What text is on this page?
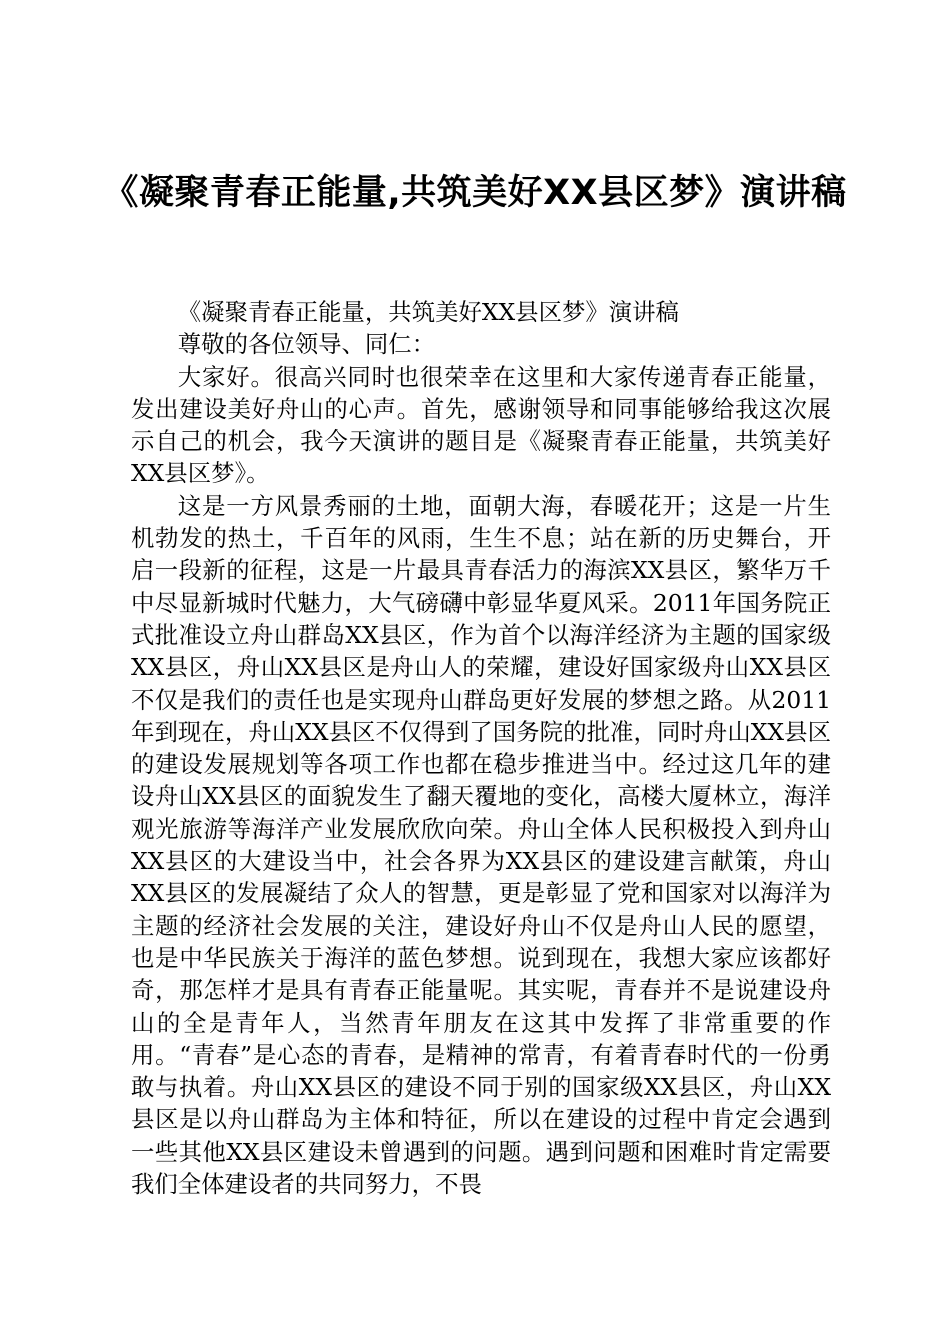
《凝聚青春正能量,共筑美好XX县区梦》演讲稿

《凝聚青春正能量，共筑美好XX县区梦》演讲稿

尊敬的各位领导、同仁：

大家好。很高兴同时也很荣幸在这里和大家传递青春正能量，发出建设美好舟山的心声。首先，感谢领导和同事能够给我这次展示自己的机会，我今天演讲的题目是《凝聚青春正能量，共筑美好XX县区梦》。

这是一方风景秀丽的土地，面朝大海，春暖花开；这是一片生机勃发的热土，千百年的风雨，生生不息；站在新的历史舞台，开启一段新的征程，这是一片最具青春活力的海滨XX县区，繁华万千中尽显新城时代魅力，大气磅礴中彰显华夏风采。2011年国务院正式批准设立舟山群岛XX县区，作为首个以海洋经济为主题的国家级XX县区，舟山XX县区是舟山人的荣耀，建设好国家级舟山XX县区不仅是我们的责任也是实现舟山群岛更好发展的梦想之路。从2011年到现在，舟山XX县区不仅得到了国务院的批准，同时舟山XX县区的建设发展规划等各项工作也都在稳步推进当中。经过这几年的建设舟山XX县区的面貌发生了翻天覆地的变化，高楼大厦林立，海洋观光旅游等海洋产业发展欣欣向荣。舟山全体人民积极投入到舟山XX县区的大建设当中，社会各界为XX县区的建设建言献策，舟山XX县区的发展凝结了众人的智慧，更是彰显了党和国家对以海洋为主题的经济社会发展的关注，建设好舟山不仅是舟山人民的愿望，也是中华民族关于海洋的蓝色梦想。说到现在，我想大家应该都好奇，那怎样才是具有青春正能量呢。其实呢，青春并不是说建设舟山的全是青年人，当然青年朋友在这其中发挥了非常重要的作用。“青春”是心态的青春，是精神的常青，有着青春时代的一份勇敢与执着。舟山XX县区的建设不同于别的国家级XX县区，舟山XX县区是以舟山群岛为主体和特征，所以在建设的过程中肯定会遇到一些其他XX县区建设未曾遇到的问题。遇到问题和困难时肯定需要我们全体建设者的共同努力，不畏
